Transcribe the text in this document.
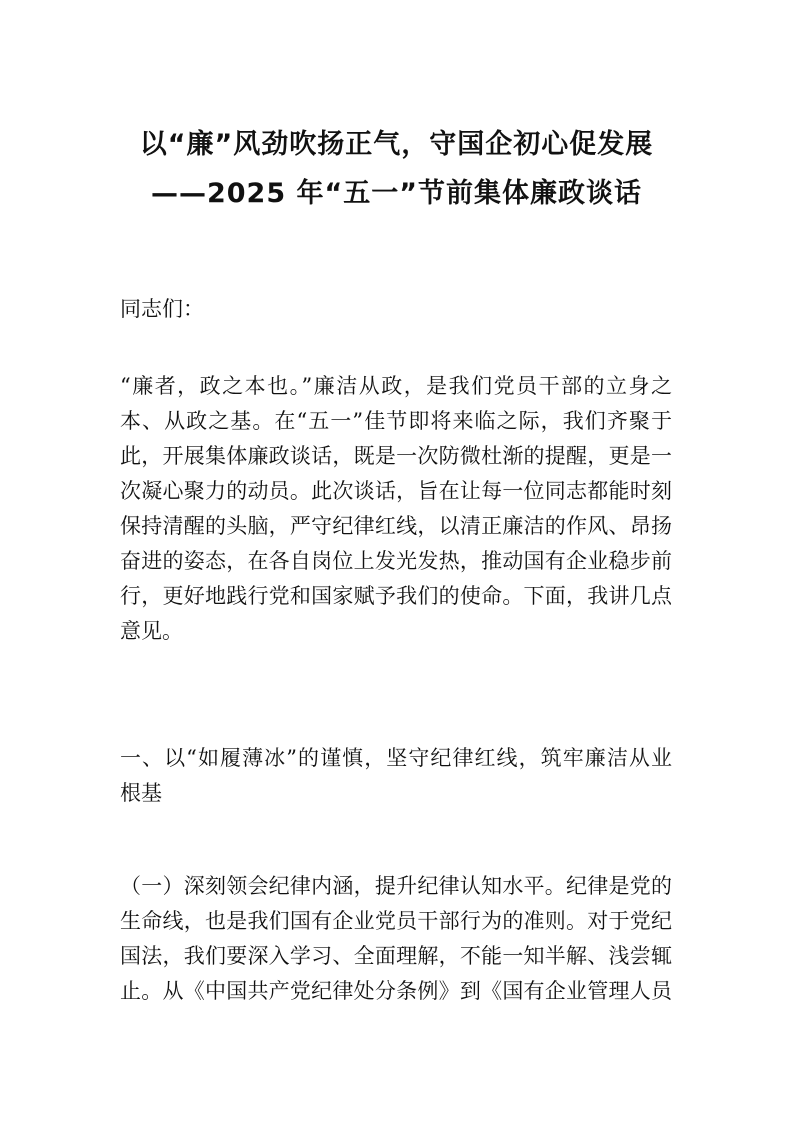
以“廉”风劲吹扬正气，守国企初心促发展
——2025 年“五一”节前集体廉政谈话
同志们：
“廉者，政之本也。”廉洁从政，是我们党员干部的立身之
本、从政之基。在“五一”佳节即将来临之际，我们齐聚于
此，开展集体廉政谈话，既是一次防微杜渐的提醒，更是一
次凝心聚力的动员。此次谈话，旨在让每一位同志都能时刻
保持清醒的头脑，严守纪律红线，以清正廉洁的作风、昂扬
奋进的姿态，在各自岗位上发光发热，推动国有企业稳步前
行，更好地践行党和国家赋予我们的使命。下面，我讲几点
意见。
一、以“如履薄冰”的谨慎，坚守纪律红线，筑牢廉洁从业
根基
（一）深刻领会纪律内涵，提升纪律认知水平。纪律是党的
生命线，也是我们国有企业党员干部行为的准则。对于党纪
国法，我们要深入学习、全面理解，不能一知半解、浅尝辄
止。从《中国共产党纪律处分条例》到《国有企业管理人员
